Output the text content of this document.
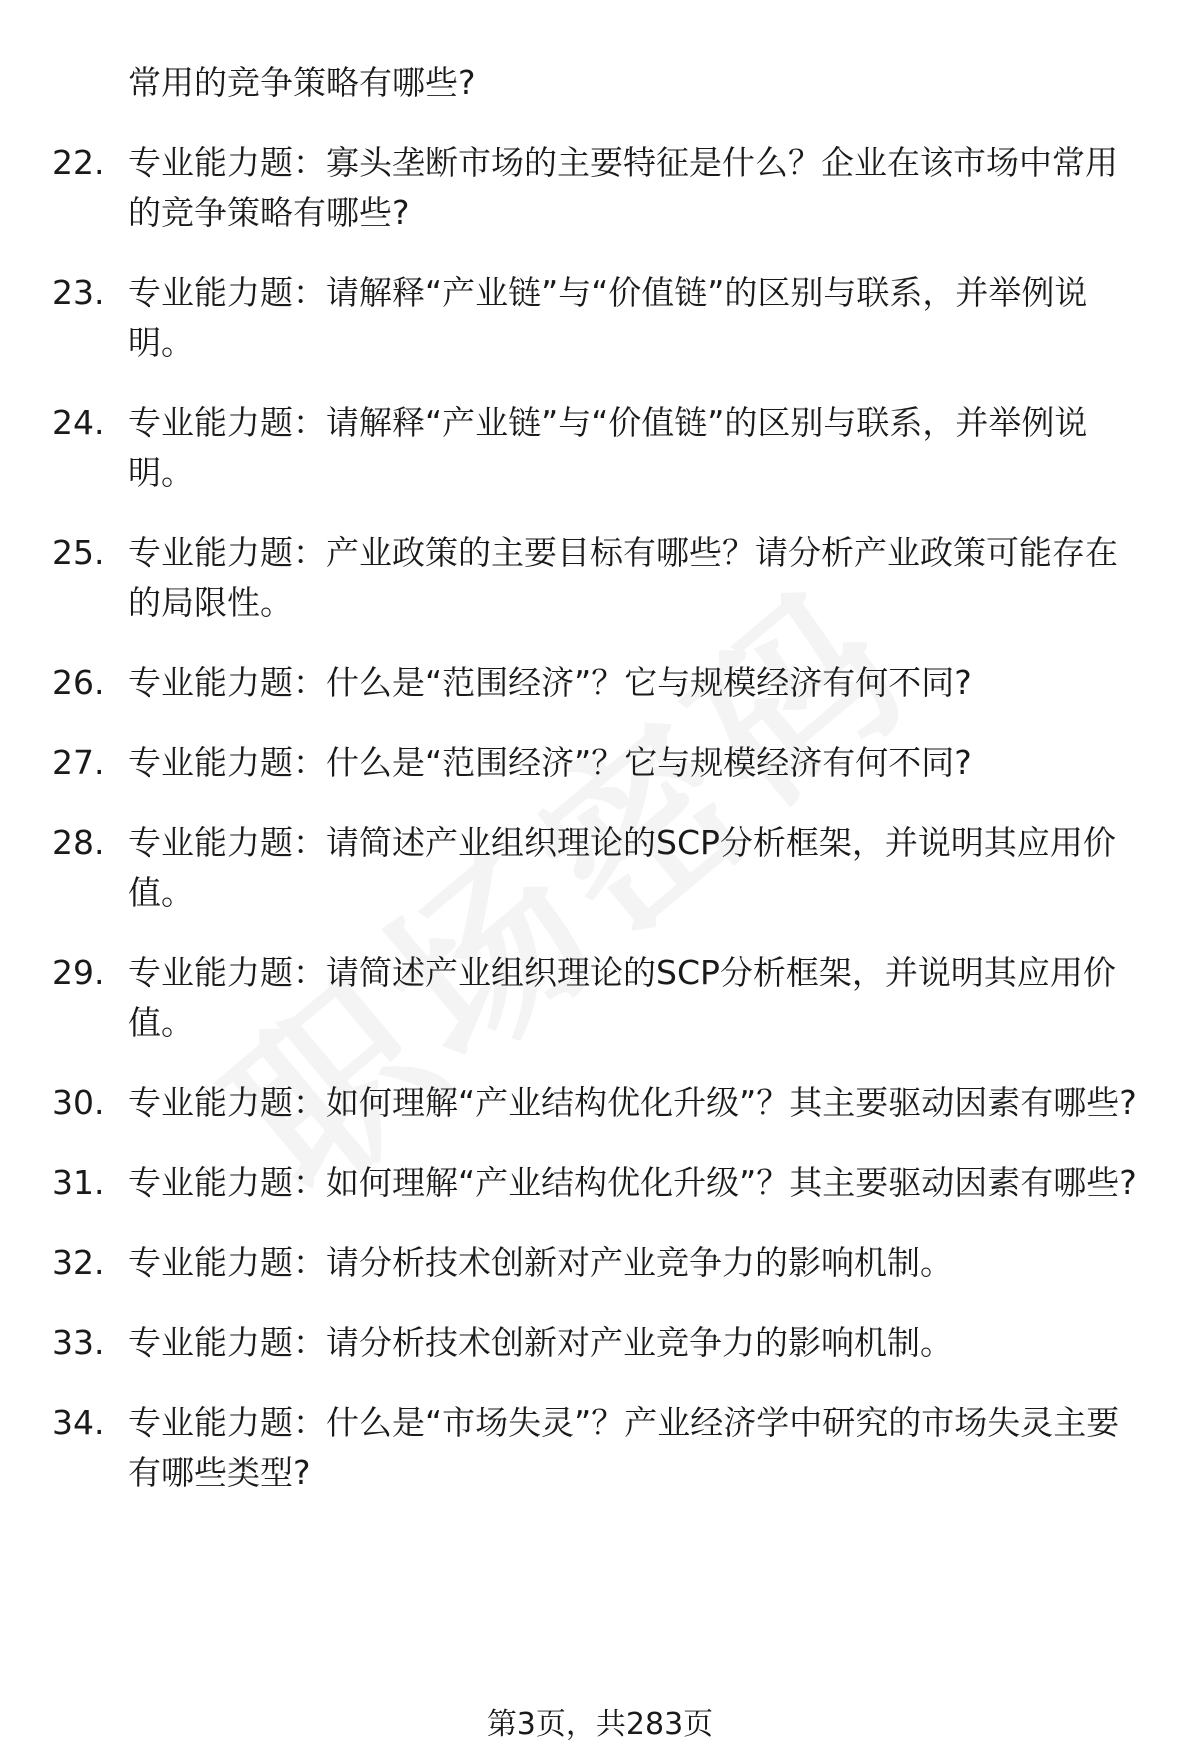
常用的竞争策略有哪些?

22. 专业能力题：寡头垄断市场的主要特征是什么？企业在该市场中常用的竞争策略有哪些?
23. 专业能力题：请解释“产业链”与“价值链”的区别与联系，并举例说明。
24. 专业能力题：请解释“产业链”与“价值链”的区别与联系，并举例说明。
25. 专业能力题：产业政策的主要目标有哪些？请分析产业政策可能存在的局限性。
26. 专业能力题：什么是“范围经济”？它与规模经济有何不同?
27. 专业能力题：什么是“范围经济”？它与规模经济有何不同?
28. 专业能力题：请简述产业组织理论的SCP分析框架，并说明其应用价值。
29. 专业能力题：请简述产业组织理论的SCP分析框架，并说明其应用价值。
30. 专业能力题：如何理解“产业结构优化升级”？其主要驱动因素有哪些?
31. 专业能力题：如何理解“产业结构优化升级”？其主要驱动因素有哪些?
32. 专业能力题：请分析技术创新对产业竞争力的影响机制。
33. 专业能力题：请分析技术创新对产业竞争力的影响机制。
34. 专业能力题：什么是“市场失灵”？产业经济学中研究的市场失灵主要有哪些类型?
第3页，共283页
